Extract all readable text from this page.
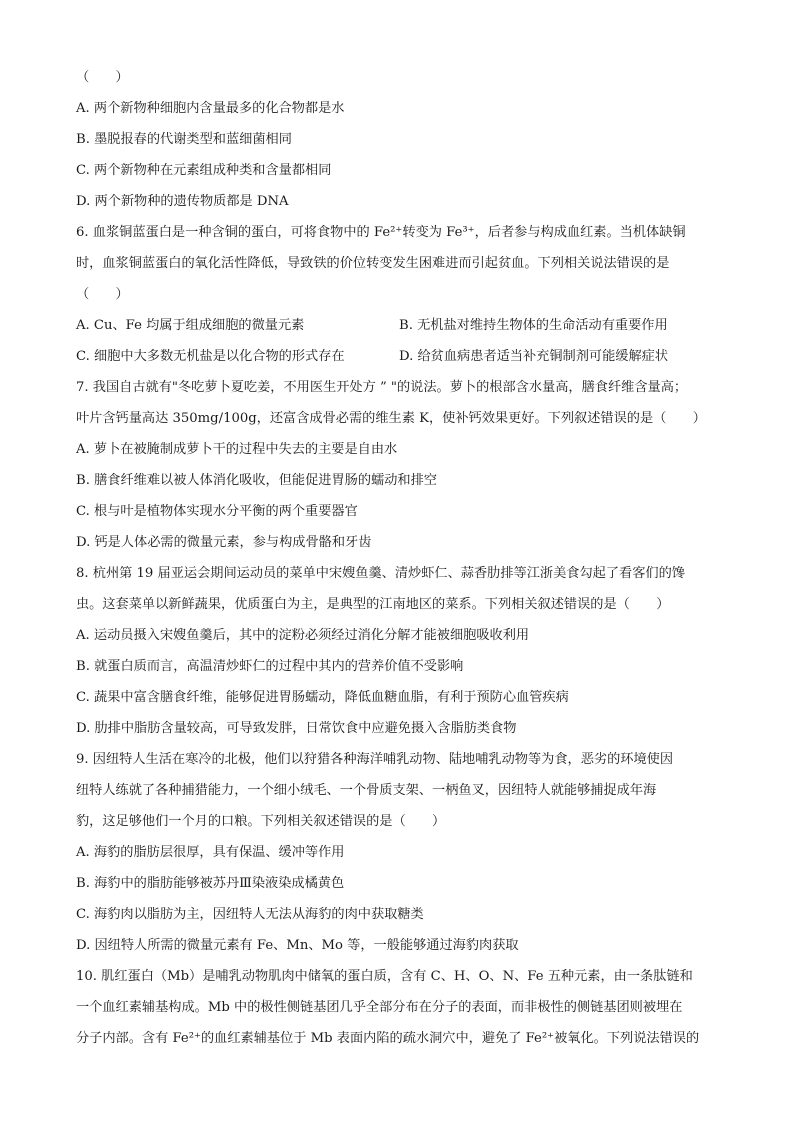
（　　）
A. 两个新物种细胞内含量最多的化合物都是水
B. 墨脱报春的代谢类型和蓝细菌相同
C. 两个新物种在元素组成种类和含量都相同
D. 两个新物种的遗传物质都是 DNA
6. 血浆铜蓝蛋白是一种含铜的蛋白，可将食物中的 Fe²⁺转变为 Fe³⁺，后者参与构成血红素。当机体缺铜
时，血浆铜蓝蛋白的氧化活性降低，导致铁的价位转变发生困难进而引起贫血。下列相关说法错误的是
（　　）
A. Cu、Fe 均属于组成细胞的微量元素	B. 无机盐对维持生物体的生命活动有重要作用
C. 细胞中大多数无机盐是以化合物的形式存在	D. 给贫血病患者适当补充铜制剂可能缓解症状
7. 我国自古就有"冬吃萝卜夏吃姜，不用医生开处方 ” "的说法。萝卜的根部含水量高，膳食纤维含量高；
叶片含钙量高达 350mg/100g，还富含成骨必需的维生素 K，使补钙效果更好。下列叙述错误的是（　　）
A. 萝卜在被腌制成萝卜干的过程中失去的主要是自由水
B. 膳食纤维难以被人体消化吸收，但能促进胃肠的蠕动和排空
C. 根与叶是植物体实现水分平衡的两个重要器官
D. 钙是人体必需的微量元素，参与构成骨骼和牙齿
8. 杭州第 19 届亚运会期间运动员的菜单中宋嫂鱼羹、清炒虾仁、蒜香肋排等江浙美食勾起了看客们的馋
虫。这套菜单以新鲜蔬果，优质蛋白为主，是典型的江南地区的菜系。下列相关叙述错误的是（　　）
A. 运动员摄入宋嫂鱼羹后，其中的淀粉必须经过消化分解才能被细胞吸收利用
B. 就蛋白质而言，高温清炒虾仁的过程中其内的营养价值不受影响
C. 蔬果中富含膳食纤维，能够促进胃肠蠕动，降低血糖血脂，有利于预防心血管疾病
D. 肋排中脂肪含量较高，可导致发胖，日常饮食中应避免摄入含脂肪类食物
9. 因纽特人生活在寒冷的北极，他们以狩猎各种海洋哺乳动物、陆地哺乳动物等为食，恶劣的环境使因
纽特人练就了各种捕猎能力，一个细小绒毛、一个骨质支架、一柄鱼叉，因纽特人就能够捕捉成年海
豹，这足够他们一个月的口粮。下列相关叙述错误的是（　　）
A. 海豹的脂肪层很厚，具有保温、缓冲等作用
B. 海豹中的脂肪能够被苏丹Ⅲ染液染成橘黄色
C. 海豹肉以脂肪为主，因纽特人无法从海豹的肉中获取糖类
D. 因纽特人所需的微量元素有 Fe、Mn、Mo 等，一般能够通过海豹肉获取
10. 肌红蛋白（Mb）是哺乳动物肌肉中储氧的蛋白质，含有 C、H、O、N、Fe 五种元素，由一条肽链和
一个血红素辅基构成。Mb 中的极性侧链基团几乎全部分布在分子的表面，而非极性的侧链基团则被埋在
分子内部。含有 Fe²⁺的血红素辅基位于 Mb 表面内陷的疏水洞穴中，避免了 Fe²⁺被氧化。下列说法错误的
